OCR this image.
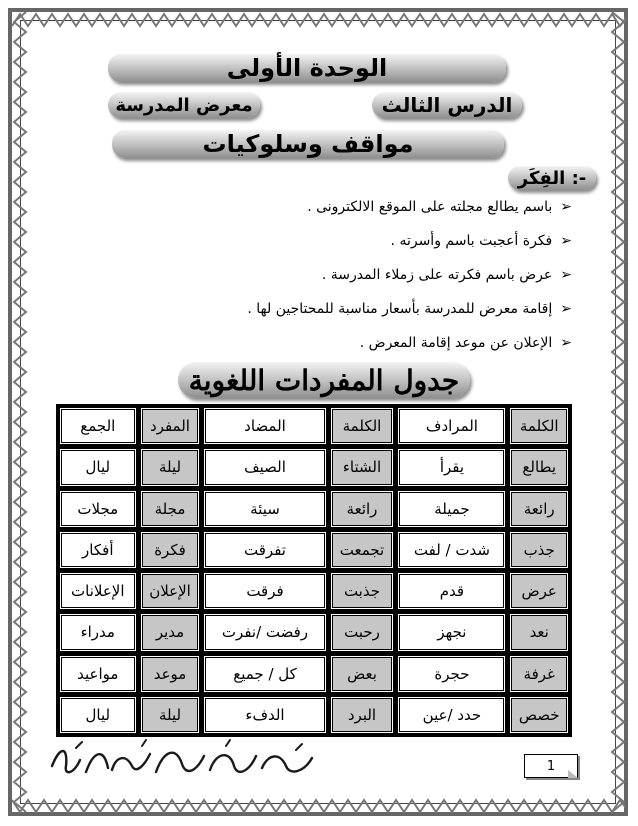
الوحدة الأولى
الدرس الثالث
معرض المدرسة
مواقف وسلوكيات
الفِكَر :-
➢
باسم يطالع مجلته على الموقع الالكترونى .
➢
فكرة أعجبت باسم وأسرته .
➢
عرض باسم فكرته على زملاء المدرسة .
➢
إقامة معرض للمدرسة بأسعار مناسبة للمحتاجين لها .
➢
الإعلان عن موعد إقامة المعرض .
جدول المفردات اللغوية
الكلمة	المرادف	الكلمة	المضاد	المفرد	الجمع
يطالع	يقرأ	الشتاء	الصيف	ليلة	ليال
رائعة	جميلة	رائعة	سيئة	مجلة	مجلات
جذب	شدت / لفت	تجمعت	تفرقت	فكرة	أفكار
عرض	قدم	جذبت	فرقت	الإعلان	الإعلانات
نعد	نجهز	رحبت	رفضت /نفرت	مدير	مدراء
غرفة	حجرة	بعض	كل / جميع	موعد	مواعيد
خصص	حدد /عين	البرد	الدفء	ليلة	ليال
1
